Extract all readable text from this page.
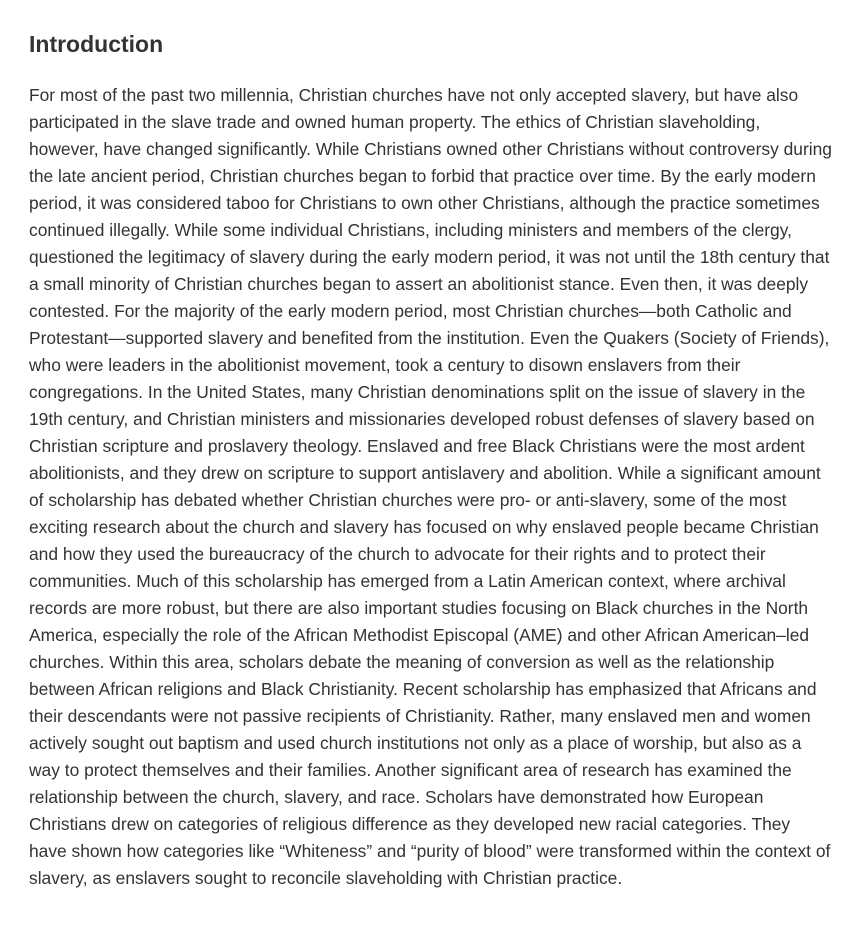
Introduction

For most of the past two millennia, Christian churches have not only accepted slavery, but have also participated in the slave trade and owned human property. The ethics of Christian slaveholding, however, have changed significantly. While Christians owned other Christians without controversy during the late ancient period, Christian churches began to forbid that practice over time. By the early modern period, it was considered taboo for Christians to own other Christians, although the practice sometimes continued illegally. While some individual Christians, including ministers and members of the clergy, questioned the legitimacy of slavery during the early modern period, it was not until the 18th century that a small minority of Christian churches began to assert an abolitionist stance. Even then, it was deeply contested. For the majority of the early modern period, most Christian churches—both Catholic and Protestant—supported slavery and benefited from the institution. Even the Quakers (Society of Friends), who were leaders in the abolitionist movement, took a century to disown enslavers from their congregations. In the United States, many Christian denominations split on the issue of slavery in the 19th century, and Christian ministers and missionaries developed robust defenses of slavery based on Christian scripture and proslavery theology. Enslaved and free Black Christians were the most ardent abolitionists, and they drew on scripture to support antislavery and abolition. While a significant amount of scholarship has debated whether Christian churches were pro- or anti-slavery, some of the most exciting research about the church and slavery has focused on why enslaved people became Christian and how they used the bureaucracy of the church to advocate for their rights and to protect their communities. Much of this scholarship has emerged from a Latin American context, where archival records are more robust, but there are also important studies focusing on Black churches in the North America, especially the role of the African Methodist Episcopal (AME) and other African American–led churches. Within this area, scholars debate the meaning of conversion as well as the relationship between African religions and Black Christianity. Recent scholarship has emphasized that Africans and their descendants were not passive recipients of Christianity. Rather, many enslaved men and women actively sought out baptism and used church institutions not only as a place of worship, but also as a way to protect themselves and their families. Another significant area of research has examined the relationship between the church, slavery, and race. Scholars have demonstrated how European Christians drew on categories of religious difference as they developed new racial categories. They have shown how categories like “Whiteness” and “purity of blood” were transformed within the context of slavery, as enslavers sought to reconcile slaveholding with Christian practice.
